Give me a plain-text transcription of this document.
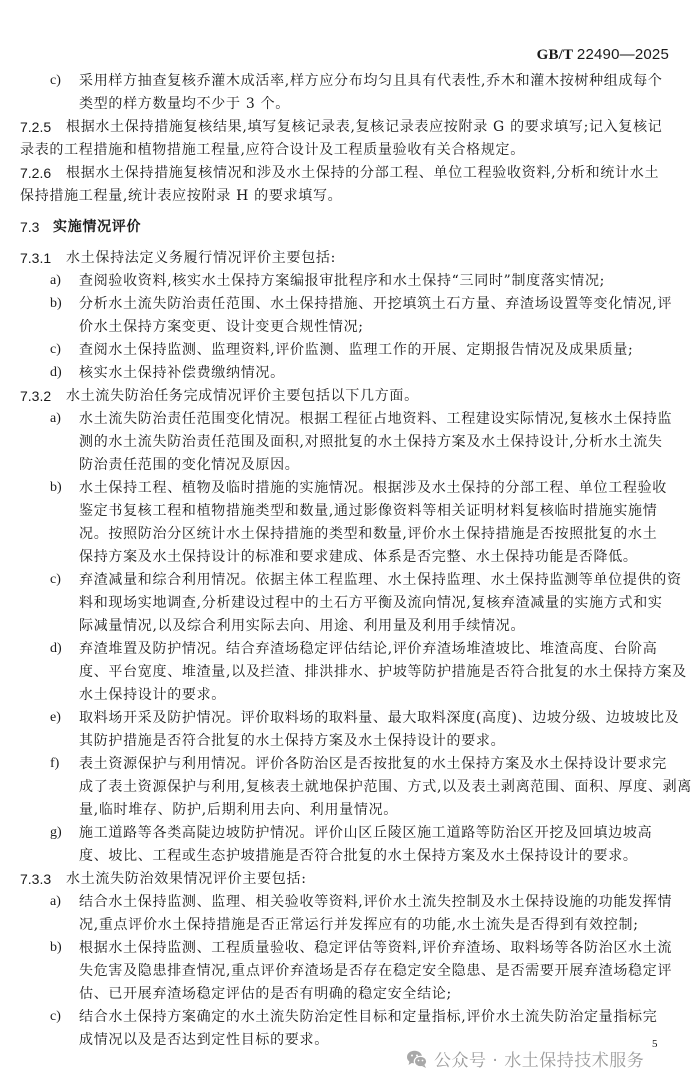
GB/T 22490—2025
c) 采用样方抽查复核乔灌木成活率,样方应分布均匀且具有代表性,乔木和灌木按树种组成每个
类型的样方数量均不少于 3 个。
7.2.5 根据水土保持措施复核结果,填写复核记录表,复核记录表应按附录 G 的要求填写;记入复核记
录表的工程措施和植物措施工程量,应符合设计及工程质量验收有关合格规定。
7.2.6 根据水土保持措施复核情况和涉及水土保持的分部工程、单位工程验收资料,分析和统计水土
保持措施工程量,统计表应按附录 H 的要求填写。
7.3 实施情况评价
7.3.1 水土保持法定义务履行情况评价主要包括:
a) 查阅验收资料,核实水土保持方案编报审批程序和水土保持“三同时”制度落实情况;
b) 分析水土流失防治责任范围、水土保持措施、开挖填筑土石方量、弃渣场设置等变化情况,评
价水土保持方案变更、设计变更合规性情况;
c) 查阅水土保持监测、监理资料,评价监测、监理工作的开展、定期报告情况及成果质量;
d) 核实水土保持补偿费缴纳情况。
7.3.2 水土流失防治任务完成情况评价主要包括以下几方面。
a) 水土流失防治责任范围变化情况。根据工程征占地资料、工程建设实际情况,复核水土保持监
测的水土流失防治责任范围及面积,对照批复的水土保持方案及水土保持设计,分析水土流失
防治责任范围的变化情况及原因。
b) 水土保持工程、植物及临时措施的实施情况。根据涉及水土保持的分部工程、单位工程验收
鉴定书复核工程和植物措施类型和数量,通过影像资料等相关证明材料复核临时措施实施情
况。按照防治分区统计水土保持措施的类型和数量,评价水土保持措施是否按照批复的水土
保持方案及水土保持设计的标准和要求建成、体系是否完整、水土保持功能是否降低。
c) 弃渣减量和综合利用情况。依据主体工程监理、水土保持监理、水土保持监测等单位提供的资
料和现场实地调查,分析建设过程中的土石方平衡及流向情况,复核弃渣减量的实施方式和实
际减量情况,以及综合利用实际去向、用途、利用量及利用手续情况。
d) 弃渣堆置及防护情况。结合弃渣场稳定评估结论,评价弃渣场堆渣坡比、堆渣高度、台阶高
度、平台宽度、堆渣量,以及拦渣、排洪排水、护坡等防护措施是否符合批复的水土保持方案及
水土保持设计的要求。
e) 取料场开采及防护情况。评价取料场的取料量、最大取料深度(高度)、边坡分级、边坡坡比及
其防护措施是否符合批复的水土保持方案及水土保持设计的要求。
f) 表土资源保护与利用情况。评价各防治区是否按批复的水土保持方案及水土保持设计要求完
成了表土资源保护与利用,复核表土就地保护范围、方式,以及表土剥离范围、面积、厚度、剥离
量,临时堆存、防护,后期利用去向、利用量情况。
g) 施工道路等各类高陡边坡防护情况。评价山区丘陵区施工道路等防治区开挖及回填边坡高
度、坡比、工程或生态护坡措施是否符合批复的水土保持方案及水土保持设计的要求。
7.3.3 水土流失防治效果情况评价主要包括:
a) 结合水土保持监测、监理、相关验收等资料,评价水土流失控制及水土保持设施的功能发挥情
况,重点评价水土保持措施是否正常运行并发挥应有的功能,水土流失是否得到有效控制;
b) 根据水土保持监测、工程质量验收、稳定评估等资料,评价弃渣场、取料场等各防治区水土流
失危害及隐患排查情况,重点评价弃渣场是否存在稳定安全隐患、是否需要开展弃渣场稳定评
估、已开展弃渣场稳定评估的是否有明确的稳定安全结论;
c) 结合水土保持方案确定的水土流失防治定性目标和定量指标,评价水土流失防治定量指标完
成情况以及是否达到定性目标的要求。	5
公众号 · 水土保持技术服务
